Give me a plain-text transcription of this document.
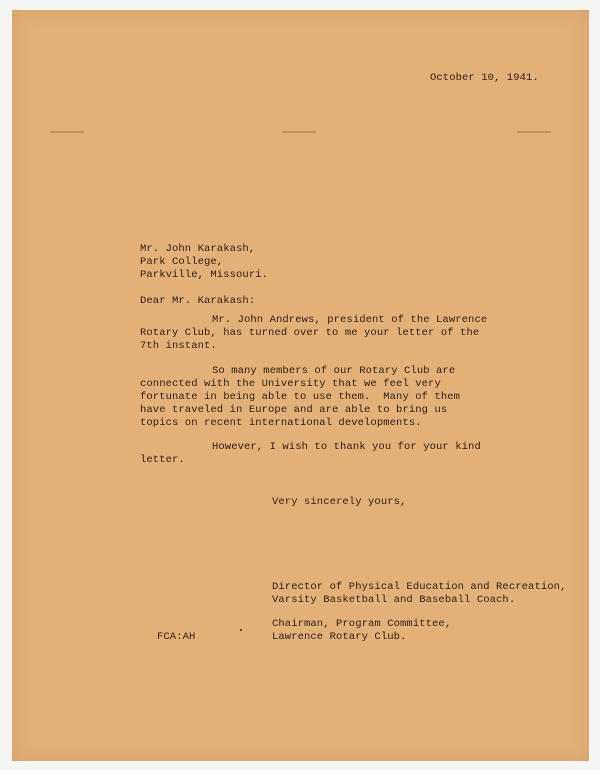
October 10, 1941.
Mr. John Karakash,
Park College,
Parkville, Missouri.
Dear Mr. Karakash:
Mr. John Andrews, president of the Lawrence
Rotary Club, has turned over to me your letter of the
7th instant.
So many members of our Rotary Club are
connected with the University that we feel very
fortunate in being able to use them.  Many of them
have traveled in Europe and are able to bring us
topics on recent international developments.
However, I wish to thank you for your kind
letter.
Very sincerely yours,
Director of Physical Education and Recreation,
Varsity Basketball and Baseball Coach.
Chairman, Program Committee,
FCA:AH	Lawrence Rotary Club.
